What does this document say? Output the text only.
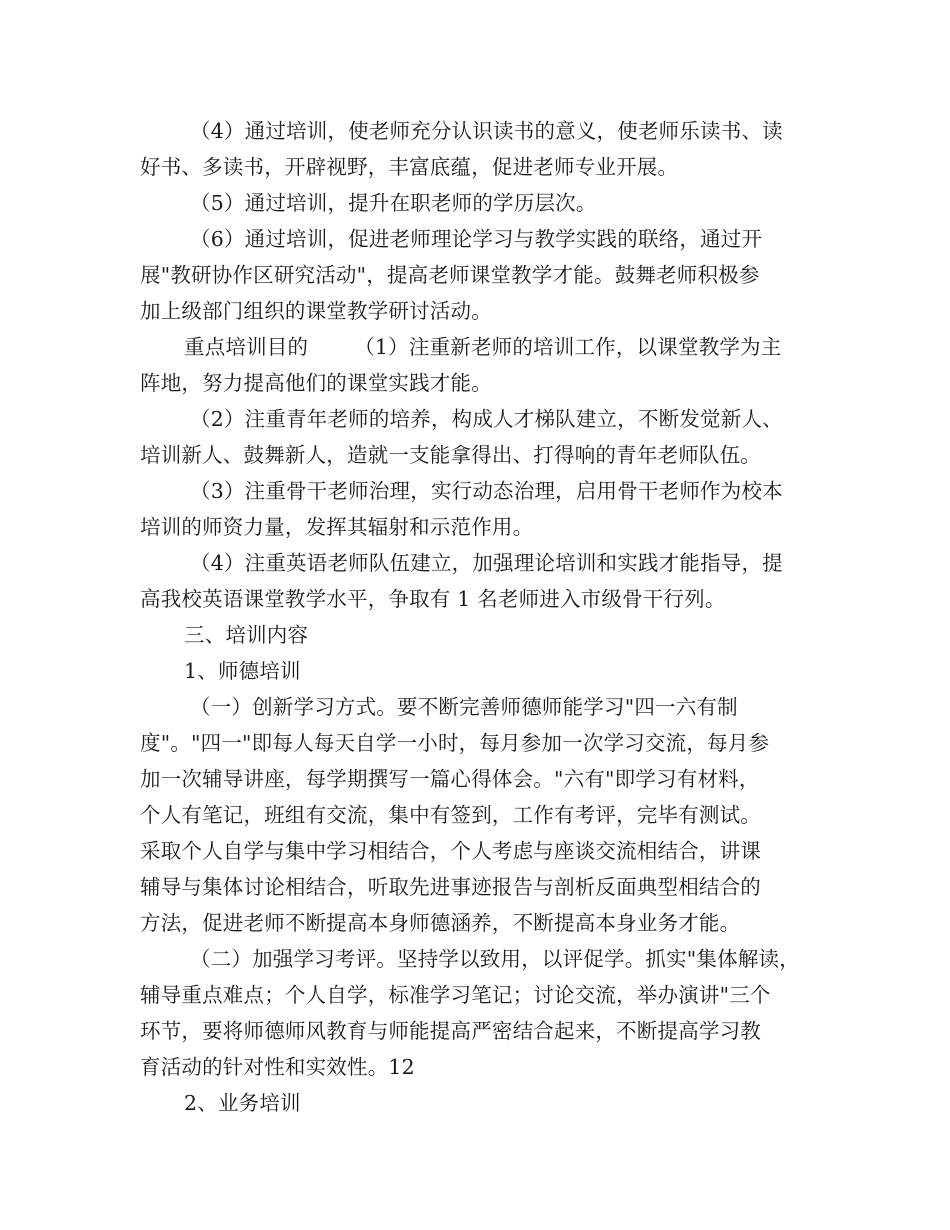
（4）通过培训，使老师充分认识读书的意义，使老师乐读书、读
好书、多读书，开辟视野，丰富底蕴，促进老师专业开展。
（5）通过培训，提升在职老师的学历层次。
（6）通过培训，促进老师理论学习与教学实践的联络，通过开
展"教研协作区研究活动"，提高老师课堂教学才能。鼓舞老师积极参
加上级部门组织的课堂教学研讨活动。
重点培训目的 （1）注重新老师的培训工作，以课堂教学为主
阵地，努力提高他们的课堂实践才能。
（2）注重青年老师的培养，构成人才梯队建立，不断发觉新人、
培训新人、鼓舞新人，造就一支能拿得出、打得响的青年老师队伍。
（3）注重骨干老师治理，实行动态治理，启用骨干老师作为校本
培训的师资力量，发挥其辐射和示范作用。
（4）注重英语老师队伍建立，加强理论培训和实践才能指导，提
高我校英语课堂教学水平，争取有 1 名老师进入市级骨干行列。
三、培训内容
1、师德培训
（一）创新学习方式。要不断完善师德师能学习"四一六有制
度"。"四一"即每人每天自学一小时，每月参加一次学习交流，每月参
加一次辅导讲座，每学期撰写一篇心得体会。"六有"即学习有材料，
个人有笔记，班组有交流，集中有签到，工作有考评，完毕有测试。
采取个人自学与集中学习相结合，个人考虑与座谈交流相结合，讲课
辅导与集体讨论相结合，听取先进事迹报告与剖析反面典型相结合的
方法，促进老师不断提高本身师德涵养，不断提高本身业务才能。
（二）加强学习考评。坚持学以致用，以评促学。抓实"集体解读，
辅导重点难点；个人自学，标准学习笔记；讨论交流，举办演讲"三个
环节，要将师德师风教育与师能提高严密结合起来，不断提高学习教
育活动的针对性和实效性。12
2、业务培训
